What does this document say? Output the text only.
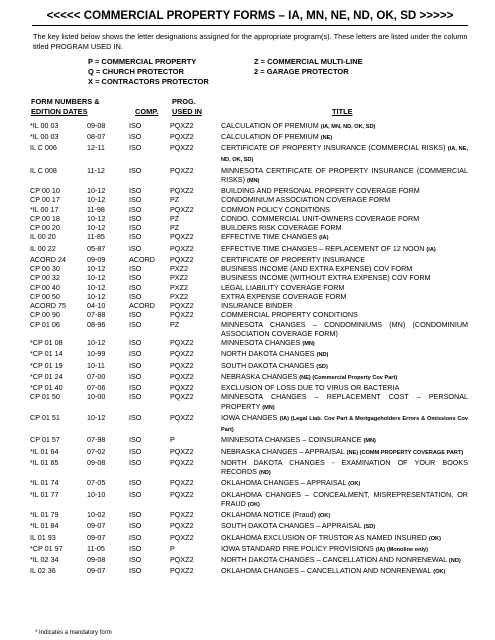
<<<<< COMMERCIAL PROPERTY FORMS – IA, MN, NE, ND, OK, SD >>>>>
The key listed below shows the letter designations assigned for the appropriate program(s). These letters are listed under the column titled PROGRAM USED IN.
P = COMMERCIAL PROPERTY
Q = CHURCH PROTECTOR
X = CONTRACTORS PROTECTOR
Z = COMMERCIAL MULTI-LINE
2 = GARAGE PROTECTOR
FORM NUMBERS &
EDITION DATES	COMP.
PROG.
USED IN	TITLE
*IL 00 03	09-08	ISO	PQXZ2	CALCULATION OF PREMIUM (IA, MN, ND, OK, SD)
*IL 00 03	08-07	ISO	PQXZ2	CALCULATION OF PREMIUM (NE)
IL C 006	12-11	ISO	PQXZ2	CERTIFICATE OF PROPERTY INSURANCE (COMMERCIAL RISKS) (IA, NE, ND, OK, SD)
IL C 008	11-12	ISO	PQXZ2	MINNESOTA CERTIFICATE OF PROPERTY INSURANCE (COMMERCIAL RISKS) (MN)
CP 00 10	10-12	ISO	PQXZ2	BUILDING AND PERSONAL PROPERTY COVERAGE FORM
CP 00 17	10-12	ISO	PZ	CONDOMINIUM ASSOCIATION COVERAGE FORM
*IL 00 17	11-98	ISO	PQXZ2	COMMON POLICY CONDITIONS
CP 00 18	10-12	ISO	PZ	CONDO. COMMERCIAL UNIT-OWNERS COVERAGE FORM
CP 00 20	10-12	ISO	PZ	BUILDERS RISK COVERAGE FORM
IL 00 20	11-85	ISO	PQXZ2	EFFECTIVE TIME CHANGES (IA)
IL 00 22	05-87	ISO	PQXZ2	EFFECTIVE TIME CHANGES – REPLACEMENT OF 12 NOON (IA)
ACORD 24	09-09	ACORD	PQXZ2	CERTIFICATE OF PROPERTY INSURANCE
CP 00 30	10-12	ISO	PXZ2	BUSINESS INCOME (AND EXTRA EXPENSE) COV FORM
CP 00 32	10-12	ISO	PXZ2	BUSINESS INCOME (WITHOUT EXTRA EXPENSE) COV FORM
CP 00 40	10-12	ISO	PXZ2	LEGAL LIABILITY COVERAGE FORM
CP 00 50	10-12	ISO	PXZ2	EXTRA EXPENSE COVERAGE FORM
ACORD 75	04-10	ACORD	PQXZ2	INSURANCE BINDER
CP 00 90	07-88	ISO	PQXZ2	COMMERCIAL PROPERTY CONDITIONS
CP 01 06	08-96	ISO	PZ	MINNESOTA CHANGES – CONDOMINIUMS (MN) (CONDOMINIUM ASSOCIATION COVERAGE FORM)
*CP 01 08	10-12	ISO	PQXZ2	MINNESOTA CHANGES (MN)
*CP 01 14	10-99	ISO	PQXZ2	NORTH DAKOTA CHANGES (ND)
*CP 01 19	10-11	ISO	PQXZ2	SOUTH DAKOTA CHANGES (SD)
*CP 01 24	07-00	ISO	PQXZ2	NEBRASKA CHANGES (NE) (Commercial Property Cov Part)
*CP 01 40	07-06	ISO	PQXZ2	EXCLUSION OF LOSS DUE TO VIRUS OR BACTERIA
CP 01 50	10-00	ISO	PQXZ2	MINNESOTA CHANGES – REPLACEMENT COST – PERSONAL PROPERTY (MN)
CP 01 51	10-12	ISO	PQXZ2	IOWA CHANGES (IA) (Legal Liab. Cov Part & Mortgageholders Errors & Omissions Cov Part)
CP 01 57	07-98	ISO	P	MINNESOTA CHANGES – COINSURANCE (MN)
*IL 01 64	07-02	ISO	PQXZ2	NEBRASKA CHANGES – APPRAISAL (NE) (COMM PROPERTY COVERAGE PART)
*IL 01 65	09-08	ISO	PQXZ2	NORTH DAKOTA CHANGES - EXAMINATION OF YOUR BOOKS RECORDS (ND)
*IL 01 74	07-05	ISO	PQXZ2	OKLAHOMA CHANGES – APPRAISAL (OK)
*IL 01 77	10-10	ISO	PQXZ2	OKLAHOMA CHANGES – CONCEALMENT, MISREPRESENTATION, OR FRAUD (OK)
*IL 01 79	10-02	ISO	PQXZ2	OKLAHOMA NOTICE (Fraud) (OK)
*IL 01 84	09-07	ISO	PQXZ2	SOUTH DAKOTA CHANGES – APPRAISAL (SD)
IL 01 93	09-07	ISO	PQXZ2	OKLAHOMA EXCLUSION OF TRUSTOR AS NAMED INSURED (OK)
*CP 01 97	11-05	ISO	P	IOWA STANDARD FIRE POLICY PROVISIONS (IA) (Monoline only)
*IL 02 34	09-08	ISO	PQXZ2	NORTH DAKOTA CHANGES – CANCELLATION AND NONRENEWAL (ND)
IL 02 36	09-07	ISO	PQXZ2	OKLAHOMA CHANGES – CANCELLATION AND NONRENEWAL (OK)
* Indicates a mandatory form
